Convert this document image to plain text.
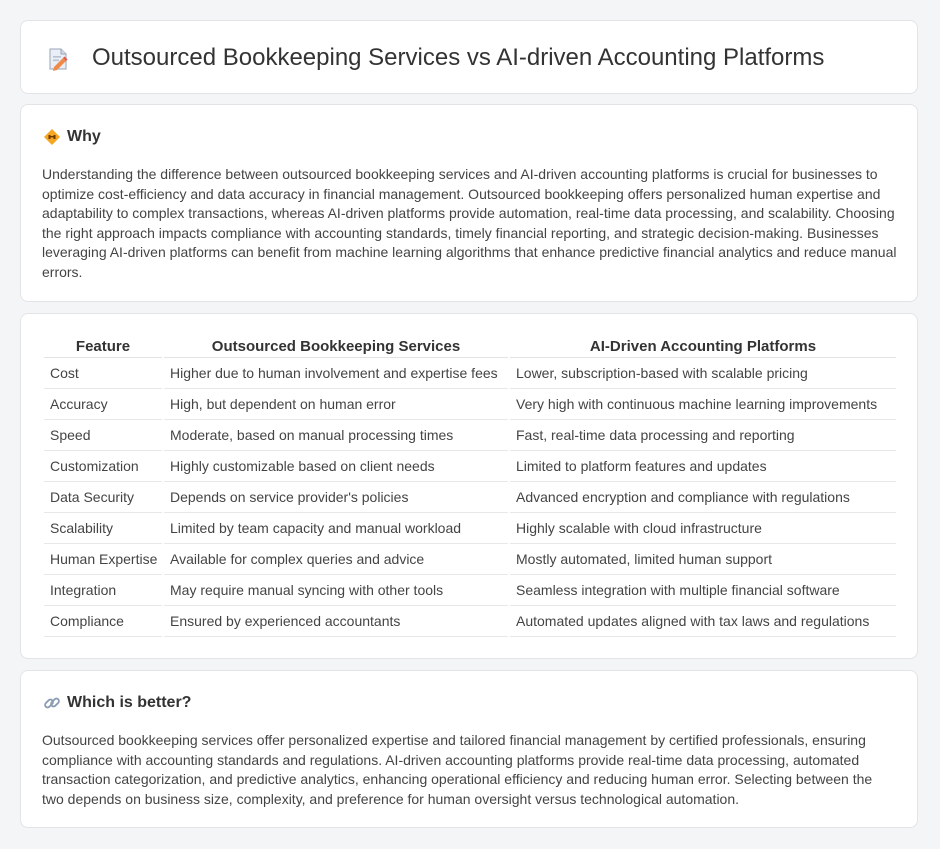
Outsourced Bookkeeping Services vs AI-driven Accounting Platforms
Why

Understanding the difference between outsourced bookkeeping services and AI-driven accounting platforms is crucial for businesses to optimize cost-efficiency and data accuracy in financial management. Outsourced bookkeeping offers personalized human expertise and adaptability to complex transactions, whereas AI-driven platforms provide automation, real-time data processing, and scalability. Choosing the right approach impacts compliance with accounting standards, timely financial reporting, and strategic decision-making. Businesses leveraging AI-driven platforms can benefit from machine learning algorithms that enhance predictive financial analytics and reduce manual errors.

Feature	Outsourced Bookkeeping Services	AI-Driven Accounting Platforms
Cost	Higher due to human involvement and expertise fees	Lower, subscription-based with scalable pricing
Accuracy	High, but dependent on human error	Very high with continuous machine learning improvements
Speed	Moderate, based on manual processing times	Fast, real-time data processing and reporting
Customization	Highly customizable based on client needs	Limited to platform features and updates
Data Security	Depends on service provider's policies	Advanced encryption and compliance with regulations
Scalability	Limited by team capacity and manual workload	Highly scalable with cloud infrastructure
Human Expertise	Available for complex queries and advice	Mostly automated, limited human support
Integration	May require manual syncing with other tools	Seamless integration with multiple financial software
Compliance	Ensured by experienced accountants	Automated updates aligned with tax laws and regulations
Which is better?

Outsourced bookkeeping services offer personalized expertise and tailored financial management by certified professionals, ensuring compliance with accounting standards and regulations. AI-driven accounting platforms provide real-time data processing, automated transaction categorization, and predictive analytics, enhancing operational efficiency and reducing human error. Selecting between the two depends on business size, complexity, and preference for human oversight versus technological automation.
